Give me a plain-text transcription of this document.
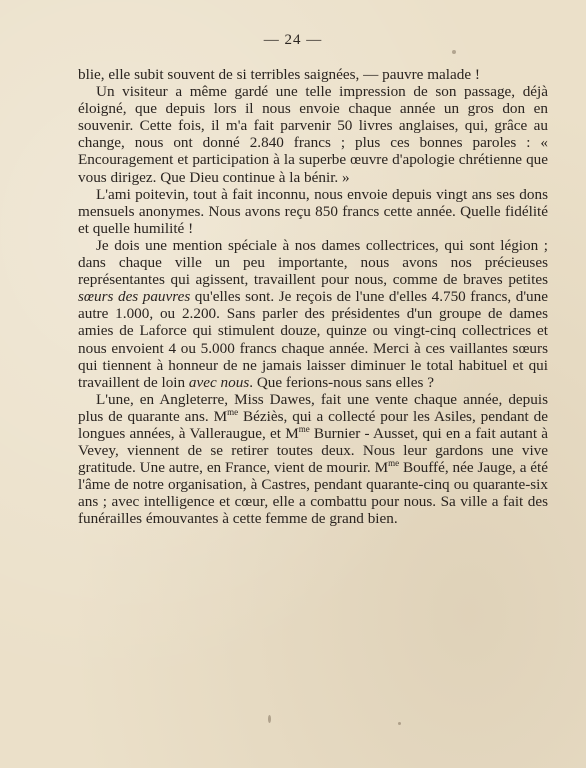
— 24 —

blie, elle subit souvent de si terribles saignées, — pauvre malade !

Un visiteur a même gardé une telle impression de son passage, déjà éloigné, que depuis lors il nous envoie chaque année un gros don en souvenir. Cette fois, il m'a fait parvenir 50 livres anglaises, qui, grâce au change, nous ont donné 2.840 francs ; plus ces bonnes paroles : « Encouragement et participation à la superbe œuvre d'apologie chrétienne que vous dirigez. Que Dieu continue à la bénir. »

L'ami poitevin, tout à fait inconnu, nous envoie depuis vingt ans ses dons mensuels anonymes. Nous avons reçu 850 francs cette année. Quelle fidélité et quelle humilité !

Je dois une mention spéciale à nos dames collectrices, qui sont légion ; dans chaque ville un peu importante, nous avons nos précieuses représentantes qui agissent, travaillent pour nous, comme de braves petites sœurs des pauvres qu'elles sont. Je reçois de l'une d'elles 4.750 francs, d'une autre 1.000, ou 2.200. Sans parler des présidentes d'un groupe de dames amies de Laforce qui stimulent douze, quinze ou vingt-cinq collectrices et nous envoient 4 ou 5.000 francs chaque année. Merci à ces vaillantes sœurs qui tiennent à honneur de ne jamais laisser diminuer le total habituel et qui travaillent de loin avec nous. Que ferions-nous sans elles ?

L'une, en Angleterre, Miss Dawes, fait une vente chaque année, depuis plus de quarante ans. $M^{me}$ Béziès, qui a collecté pour les Asiles, pendant de longues années, à Valleraugue, et $M^{me}$ Burnier - Ausset, qui en a fait autant à Vevey, viennent de se retirer toutes deux. Nous leur gardons une vive gratitude. Une autre, en France, vient de mourir. $M^{me}$ Bouffé, née Jauge, a été l'âme de notre organisation, à Castres, pendant quarante-cinq ou quarante-six ans ; avec intelligence et cœur, elle a combattu pour nous. Sa ville a fait des funérailles émouvantes à cette femme de grand bien.
